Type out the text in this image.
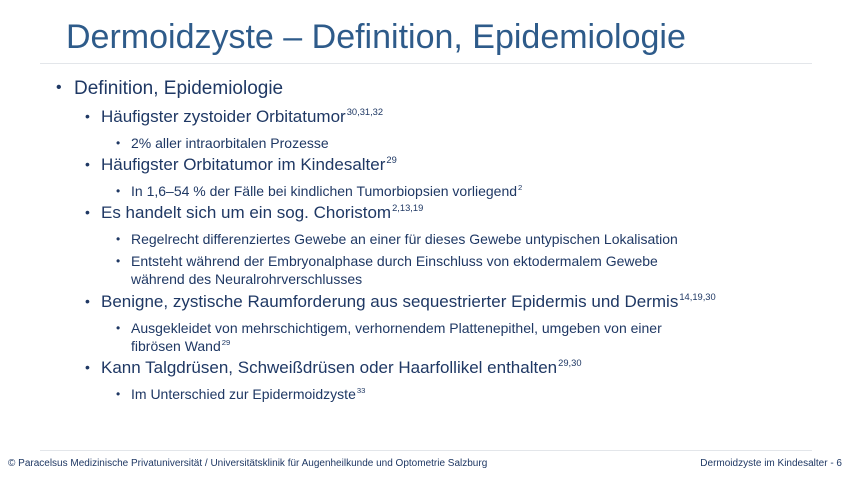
Dermoidzyste – Definition, Epidemiologie
• Definition, Epidemiologie
• Häufigster zystoider Orbitatumor$^{30,31,32}$
• 2% aller intraorbitalen Prozesse
• Häufigster Orbitatumor im Kindesalter$^{29}$
• In 1,6–54 % der Fälle bei kindlichen Tumorbiopsien vorliegend$^2$
• Es handelt sich um ein sog. Choristom$^{2,13,19}$
• Regelrecht differenziertes Gewebe an einer für dieses Gewebe untypischen Lokalisation
• Entsteht während der Embryonalphase durch Einschluss von ektodermalem Gewebe
während des Neuralrohrverschlusses
• Benigne, zystische Raumforderung aus sequestrierter Epidermis und Dermis$^{14,19,30}$
• Ausgekleidet von mehrschichtigem, verhornendem Plattenepithel, umgeben von einer
fibrösen Wand$^{29}$
• Kann Talgdrüsen, Schweißdrüsen oder Haarfollikel enthalten$^{29,30}$
• Im Unterschied zur Epidermoidzyste$^{33}$
© Paracelsus Medizinische Privatuniversität / Universitätsklinik für Augenheilkunde und Optometrie Salzburg	Dermoidzyste im Kindesalter - 6
